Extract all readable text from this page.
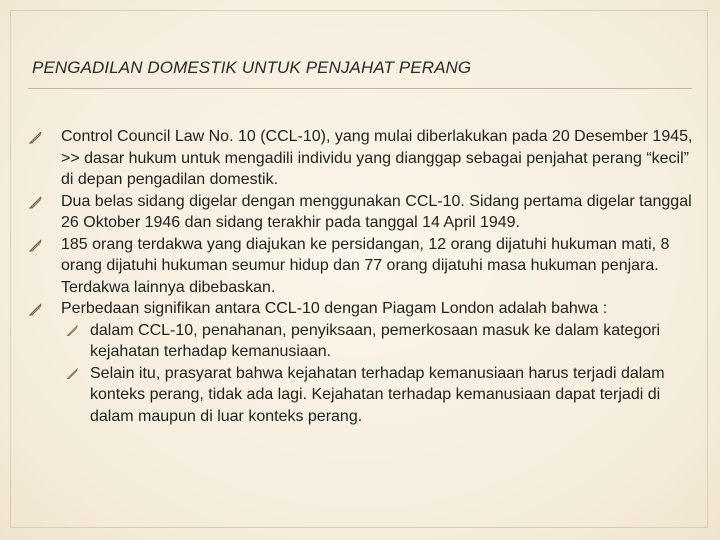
PENGADILAN DOMESTIK UNTUK PENJAHAT PERANG
Control Council Law No. 10 (CCL-10), yang mulai diberlakukan pada 20 Desember 1945, >> dasar hukum untuk mengadili individu yang dianggap sebagai penjahat perang “kecil” di depan pengadilan domestik.
Dua belas sidang digelar dengan menggunakan CCL-10. Sidang pertama digelar tanggal 26 Oktober 1946 dan sidang terakhir pada tanggal 14 April 1949.
185 orang terdakwa yang diajukan ke persidangan, 12 orang dijatuhi hukuman mati, 8 orang dijatuhi hukuman seumur hidup dan 77 orang dijatuhi masa hukuman penjara. Terdakwa lainnya dibebaskan.
Perbedaan signifikan antara CCL-10 dengan Piagam London adalah bahwa :
dalam CCL-10, penahanan, penyiksaan, pemerkosaan masuk ke dalam kategori kejahatan terhadap kemanusiaan.
Selain itu, prasyarat bahwa kejahatan terhadap kemanusiaan harus terjadi dalam konteks perang, tidak ada lagi. Kejahatan terhadap kemanusiaan dapat terjadi di dalam maupun di luar konteks perang.
